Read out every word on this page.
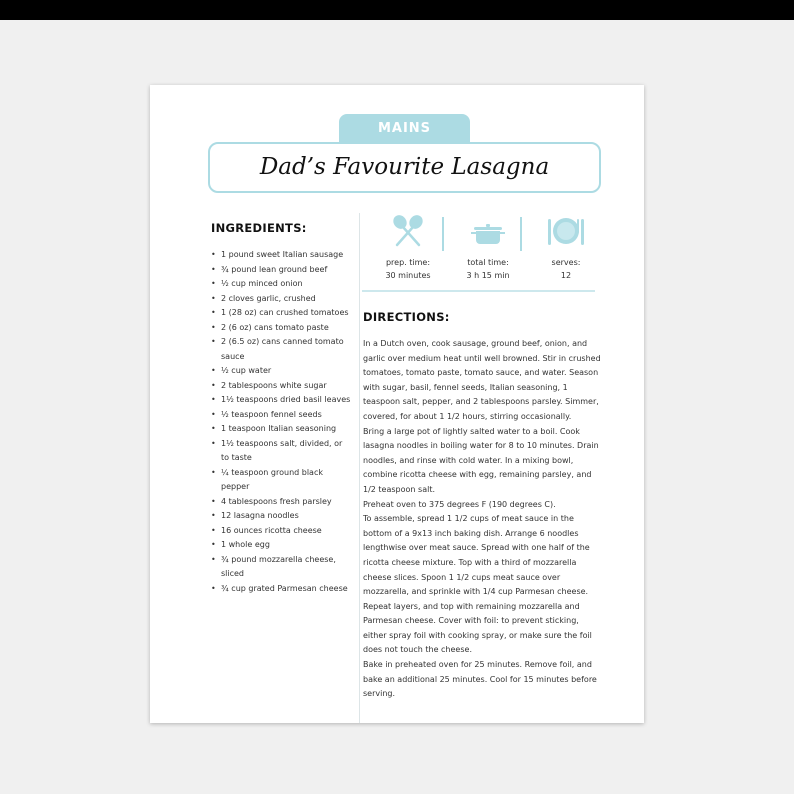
MAINS
Dad’s Favourite Lasagna
INGREDIENTS:
• 1 pound sweet Italian sausage
• ¾ pound lean ground beef
• ½ cup minced onion
• 2 cloves garlic, crushed
• 1 (28 oz) can crushed tomatoes
• 2 (6 oz) cans tomato paste
• 2 (6.5 oz) cans canned tomato sauce
• ½ cup water
• 2 tablespoons white sugar
• 1½ teaspoons dried basil leaves
• ½ teaspoon fennel seeds
• 1 teaspoon Italian seasoning
• 1½ teaspoons salt, divided, or to taste
• ¼ teaspoon ground black pepper
• 4 tablespoons fresh parsley
• 12 lasagna noodles
• 16 ounces ricotta cheese
• 1 whole egg
• ¾ pound mozzarella cheese, sliced
• ¾ cup grated Parmesan cheese
prep. time:
30 minutes
total time:
3 h 15 min
serves:
12
DIRECTIONS:

In a Dutch oven, cook sausage, ground beef, onion, and garlic over medium heat until well browned. Stir in crushed tomatoes, tomato paste, tomato sauce, and water. Season with sugar, basil, fennel seeds, Italian seasoning, 1 teaspoon salt, pepper, and 2 tablespoons parsley. Simmer, covered, for about 1 1/2 hours, stirring occasionally.

Bring a large pot of lightly salted water to a boil. Cook lasagna noodles in boiling water for 8 to 10 minutes. Drain noodles, and rinse with cold water. In a mixing bowl, combine ricotta cheese with egg, remaining parsley, and 1/2 teaspoon salt.

Preheat oven to 375 degrees F (190 degrees C).

To assemble, spread 1 1/2 cups of meat sauce in the bottom of a 9x13 inch baking dish. Arrange 6 noodles lengthwise over meat sauce. Spread with one half of the ricotta cheese mixture. Top with a third of mozzarella cheese slices. Spoon 1 1/2 cups meat sauce over mozzarella, and sprinkle with 1/4 cup Parmesan cheese. Repeat layers, and top with remaining mozzarella and Parmesan cheese. Cover with foil: to prevent sticking, either spray foil with cooking spray, or make sure the foil does not touch the cheese.

Bake in preheated oven for 25 minutes. Remove foil, and bake an additional 25 minutes. Cool for 15 minutes before serving.
